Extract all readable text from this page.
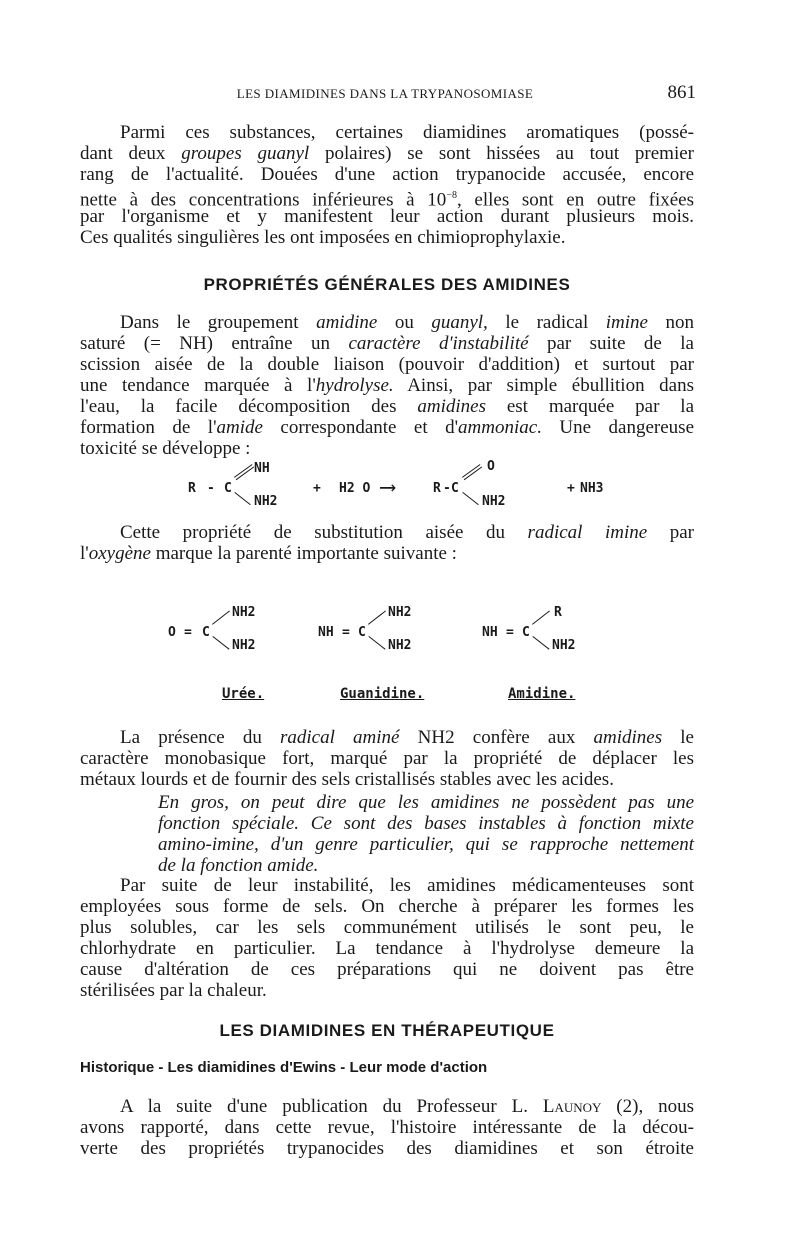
LES DIAMIDINES DANS LA TRYPANOSOMIASE	861
Parmi ces substances, certaines diamidines aromatiques (possé-
dant deux groupes guanyl polaires) se sont hissées au tout premier
rang de l'actualité. Douées d'une action trypanocide accusée, encore
nette à des concentrations inférieures à $10^{-8}$, elles sont en outre fixées
par l'organisme et y manifestent leur action durant plusieurs mois.
Ces qualités singulières les ont imposées en chimioprophylaxie.
PROPRIÉTÉS GÉNÉRALES DES AMIDINES
Dans le groupement amidine ou guanyl, le radical imine non
saturé (= NH) entraîne un caractère d'instabilité par suite de la
scission aisée de la double liaison (pouvoir d'addition) et surtout par
une tendance marquée à l'hydrolyse. Ainsi, par simple ébullition dans
l'eau, la facile décomposition des amidines est marquée par la
formation de l'amide correspondante et d'ammoniac. Une dangereuse
toxicité se développe :
R - C
NH
NH2
+ H2 O ⟶	R - C
O
NH2
+ NH3
Cette propriété de substitution aisée du radical imine par
l'oxygène marque la parenté importante suivante :
O = C
NH2
NH2
Urée.
NH = C
NH2
NH2
Guanidine.
NH = C
R
NH2
Amidine.
La présence du radical aminé NH2 confère aux amidines le
caractère monobasique fort, marqué par la propriété de déplacer les
métaux lourds et de fournir des sels cristallisés stables avec les acides.
En gros, on peut dire que les amidines ne possèdent pas une
fonction spéciale. Ce sont des bases instables à fonction mixte
amino-imine, d'un genre particulier, qui se rapproche nettement
de la fonction amide.
Par suite de leur instabilité, les amidines médicamenteuses sont
employées sous forme de sels. On cherche à préparer les formes les
plus solubles, car les sels communément utilisés le sont peu, le
chlorhydrate en particulier. La tendance à l'hydrolyse demeure la
cause d'altération de ces préparations qui ne doivent pas être
stérilisées par la chaleur.
LES DIAMIDINES EN THÉRAPEUTIQUE
Historique - Les diamidines d'Ewins - Leur mode d'action
A la suite d'une publication du Professeur L. Launoy (2), nous
avons rapporté, dans cette revue, l'histoire intéressante de la décou-
verte des propriétés trypanocides des diamidines et son étroite
